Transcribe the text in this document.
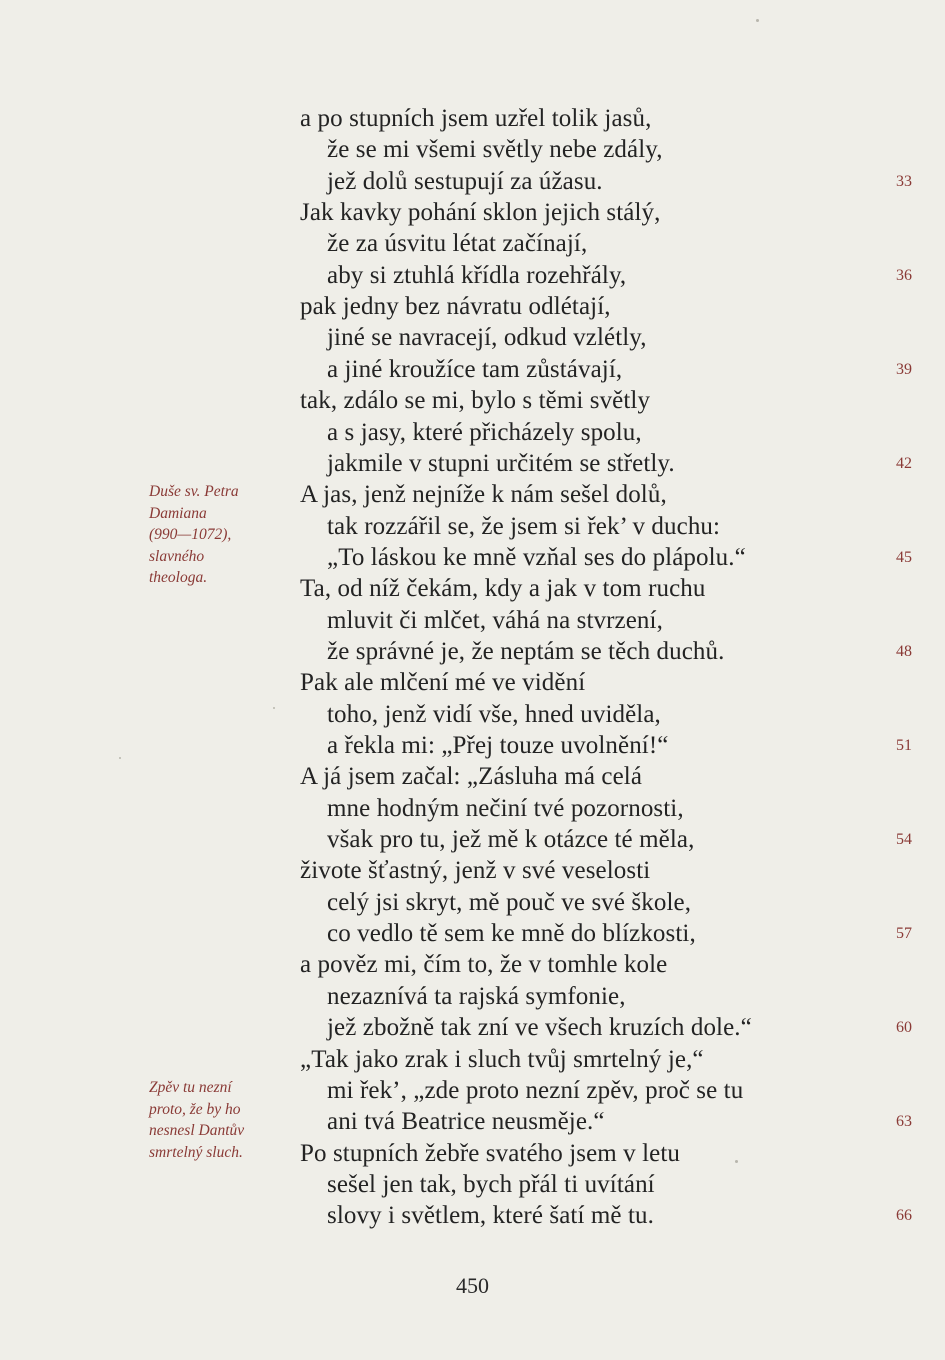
a po stupních jsem uzřel tolik jasů,
že se mi všemi světly nebe zdály,
jež dolů sestupují za úžasu.
Jak kavky pohání sklon jejich stálý,
že za úsvitu létat začínají,
aby si ztuhlá křídla rozehřály,
pak jedny bez návratu odlétají,
jiné se navracejí, odkud vzlétly,
a jiné kroužíce tam zůstávají,
tak, zdálo se mi, bylo s těmi světly
a s jasy, které přicházely spolu,
jakmile v stupni určitém se střetly.
A jas, jenž nejníže k nám sešel dolů,
tak rozzářil se, že jsem si řek’ v duchu:
„To láskou ke mně vzňal ses do plápolu.“
Ta, od níž čekám, kdy a jak v tom ruchu
mluvit či mlčet, váhá na stvrzení,
že správné je, že neptám se těch duchů.
Pak ale mlčení mé ve vidění
toho, jenž vidí vše, hned uviděla,
a řekla mi: „Přej touze uvolnění!“
A já jsem začal: „Zásluha má celá
mne hodným nečiní tvé pozornosti,
však pro tu, jež mě k otázce té měla,
živote šťastný, jenž v své veselosti
celý jsi skryt, mě pouč ve své škole,
co vedlo tě sem ke mně do blízkosti,
a pověz mi, čím to, že v tomhle kole
nezaznívá ta rajská symfonie,
jež zbožně tak zní ve všech kruzích dole.“
„Tak jako zrak i sluch tvůj smrtelný je,“
mi řek’, „zde proto nezní zpěv, proč se tu
ani tvá Beatrice neusměje.“
Po stupních žebře svatého jsem v letu
sešel jen tak, bych přál ti uvítání
slovy i světlem, které šatí mě tu.
33
36
39
42
45
48
51
54
57
60
63
66
Duše sv. Petra
Damiana
(990—1072),
slavného
theologa.
Zpěv tu nezní
proto, že by ho
nesnesl Dantův
smrtelný sluch.
450
